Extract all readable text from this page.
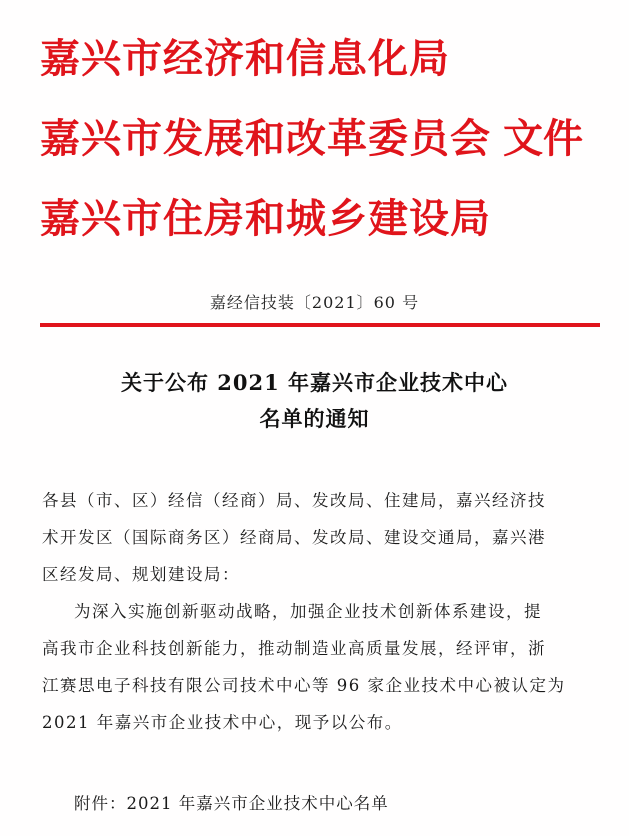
嘉兴市经济和信息化局
嘉兴市发展和改革委员会
嘉兴市住房和城乡建设局
文件
嘉经信技装〔2021〕60 号
关于公布 2021 年嘉兴市企业技术中心
名单的通知
各县（市、区）经信（经商）局、发改局、住建局，嘉兴经济技
术开发区（国际商务区）经商局、发改局、建设交通局，嘉兴港
区经发局、规划建设局：
为深入实施创新驱动战略，加强企业技术创新体系建设，提
高我市企业科技创新能力，推动制造业高质量发展，经评审，浙
江赛思电子科技有限公司技术中心等 96 家企业技术中心被认定为
2021 年嘉兴市企业技术中心，现予以公布。
附件：2021 年嘉兴市企业技术中心名单
